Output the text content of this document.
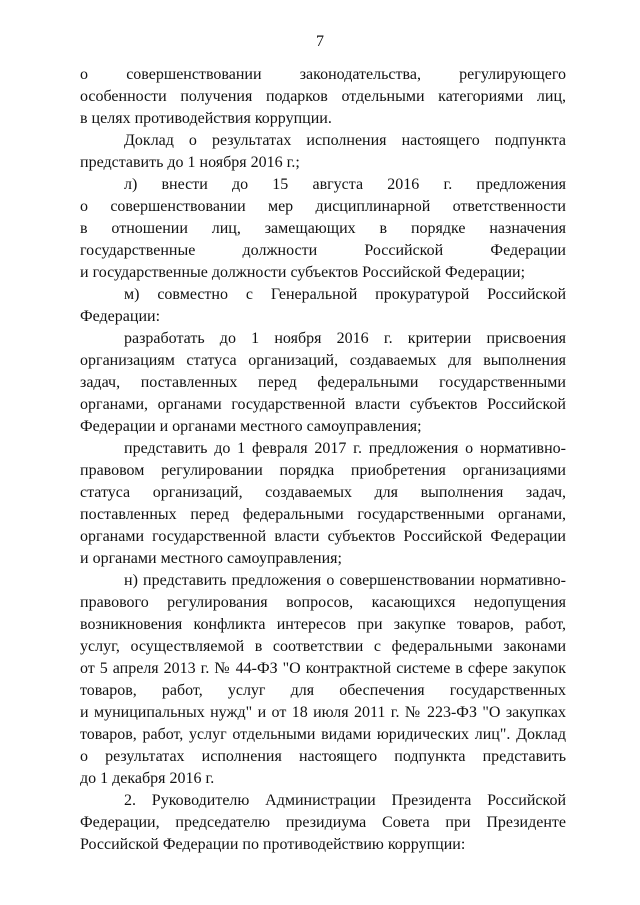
7
о совершенствовании законодательства, регулирующего
особенности получения подарков отдельными категориями лиц,
в целях противодействия коррупции.
Доклад о результатах исполнения настоящего подпункта
представить до 1 ноября 2016 г.;
л) внести до 15 августа 2016 г. предложения
о совершенствовании мер дисциплинарной ответственности
в отношении лиц, замещающих в порядке назначения
государственные должности Российской Федерации
и государственные должности субъектов Российской Федерации;
м) совместно с Генеральной прокуратурой Российской
Федерации:
разработать до 1 ноября 2016 г. критерии присвоения
организациям статуса организаций, создаваемых для выполнения
задач, поставленных перед федеральными государственными
органами, органами государственной власти субъектов Российской
Федерации и органами местного самоуправления;
представить до 1 февраля 2017 г. предложения о нормативно-
правовом регулировании порядка приобретения организациями
статуса организаций, создаваемых для выполнения задач,
поставленных перед федеральными государственными органами,
органами государственной власти субъектов Российской Федерации
и органами местного самоуправления;
н) представить предложения о совершенствовании нормативно-
правового регулирования вопросов, касающихся недопущения
возникновения конфликта интересов при закупке товаров, работ,
услуг, осуществляемой в соответствии с федеральными законами
от 5 апреля 2013 г. № 44-ФЗ "О контрактной системе в сфере закупок
товаров, работ, услуг для обеспечения государственных
и муниципальных нужд" и от 18 июля 2011 г. № 223-ФЗ "О закупках
товаров, работ, услуг отдельными видами юридических лиц". Доклад
о результатах исполнения настоящего подпункта представить
до 1 декабря 2016 г.
2. Руководителю Администрации Президента Российской
Федерации, председателю президиума Совета при Президенте
Российской Федерации по противодействию коррупции:
